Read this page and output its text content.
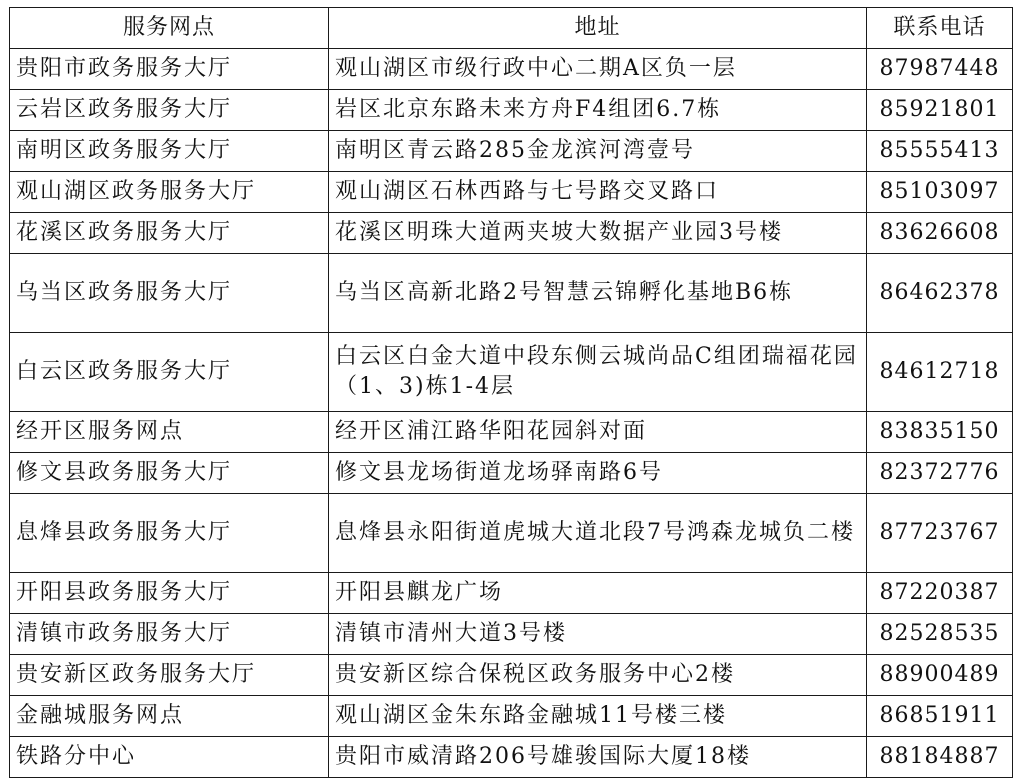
服务网点	地址	联系电话
贵阳市政务服务大厅	观山湖区市级行政中心二期A区负一层	87987448
云岩区政务服务大厅	岩区北京东路未来方舟F4组团6.7栋	85921801
南明区政务服务大厅	南明区青云路285金龙滨河湾壹号	85555413
观山湖区政务服务大厅	观山湖区石林西路与七号路交叉路口	85103097
花溪区政务服务大厅	花溪区明珠大道两夹坡大数据产业园3号楼	83626608
乌当区政务服务大厅	乌当区高新北路2号智慧云锦孵化基地B6栋	86462378
白云区政务服务大厅	白云区白金大道中段东侧云城尚品C组团瑞福花园（1、3)栋1-4层	84612718
经开区服务网点	经开区浦江路华阳花园斜对面	83835150
修文县政务服务大厅	修文县龙场街道龙场驿南路6号	82372776
息烽县政务服务大厅	息烽县永阳街道虎城大道北段7号鸿森龙城负二楼	87723767
开阳县政务服务大厅	开阳县麒龙广场	87220387
清镇市政务服务大厅	清镇市清州大道3号楼	82528535
贵安新区政务服务大厅	贵安新区综合保税区政务服务中心2楼	88900489
金融城服务网点	观山湖区金朱东路金融城11号楼三楼	86851911
铁路分中心	贵阳市威清路206号雄骏国际大厦18楼	88184887
